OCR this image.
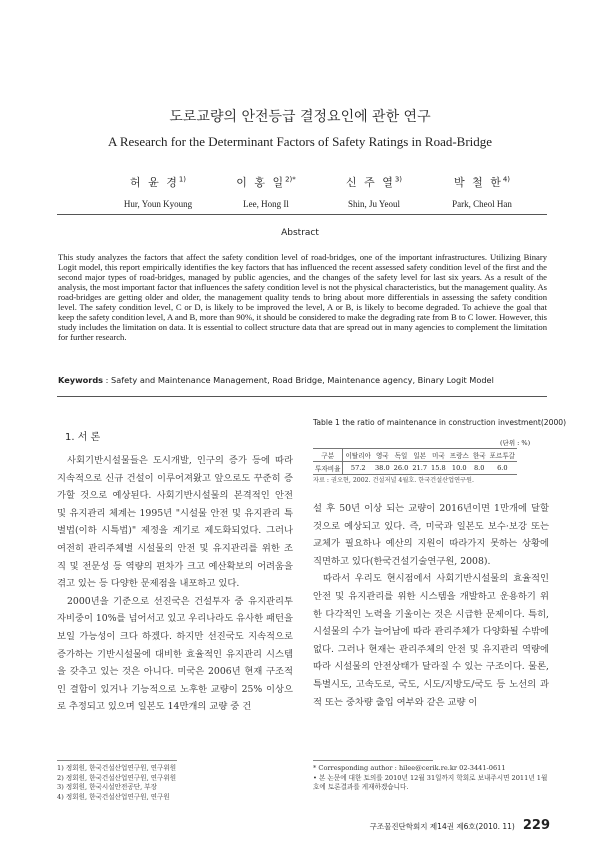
도로교량의 안전등급 결정요인에 관한 연구
A Research for the Determinant Factors of Safety Ratings in Road-Bridge
허 윤 경$^{1)}$
Hur, Youn Kyoung
이 홍 일$^{2)*}$
Lee, Hong Il
신 주 열$^{3)}$
Shin, Ju Yeoul
박 철 한$^{4)}$
Park, Cheol Han
Abstract
This study analyzes the factors that affect the safety condition level of road-bridges, one of the important infrastructures. Utilizing Binary Logit model, this report empirically identifies the key factors that has influenced the recent assessed safety condition level of the first and the second major types of road-bridges, managed by public agencies, and the changes of the safety level for last six years. As a result of the analysis, the most important factor that influences the safety condition level is not the physical characteristics, but the management quality. As road-bridges are getting older and older, the management quality tends to bring about more differentials in assessing the safety condition level. The safety condition level, C or D, is likely to be improved the level, A or B, is likely to become degraded. To achieve the goal that keep the safety condition level, A and B, more than 90%, it should be considered to make the degrading rate from B to C lower. However, this study includes the limitation on data. It is essential to collect structure data that are spread out in many agencies to complement the limitation for further research.
Keywords : Safety and Maintenance Management, Road Bridge, Maintenance agency, Binary Logit Model
1. 서 론

사회기반시설물들은 도시개발, 인구의 증가 등에 따라 지속적으로 신규 건설이 이루어져왔고 앞으로도 꾸준히 증가할 것으로 예상된다. 사회기반시설물의 본격적인 안전 및 유지관리 체계는 1995년 "시설물 안전 및 유지관리 특별법(이하 시특법)" 제정을 계기로 제도화되었다. 그러나 여전히 관리주체별 시설물의 안전 및 유지관리를 위한 조직 및 전문성 등 역량의 편차가 크고 예산확보의 어려움을 겪고 있는 등 다양한 문제점을 내포하고 있다.

2000년을 기준으로 선진국은 건설투자 중 유지관리투자비중이 10%를 넘어서고 있고 우리나라도 유사한 패턴을 보일 가능성이 크다 하겠다. 하지만 선진국도 지속적으로 증가하는 기반시설물에 대비한 효율적인 유지관리 시스템을 갖추고 있는 것은 아니다. 미국은 2006년 현재 구조적인 결함이 있거나 기능적으로 노후한 교량이 25% 이상으로 추정되고 있으며 일본도 14만개의 교량 중 건

Table 1 the ratio of maintenance in construction investment(2000)
(단위 : %)
구분	이탈리아	영국	독일	일본	미국	프랑스	한국	포르투갈
투자비율	57.2	38.0	26.0	21.7	15.8	10.0	8.0	6.0
자료 : 권오현, 2002. 건설저널 4월호. 한국건설산업연구원.

설 후 50년 이상 되는 교량이 2016년이면 1만개에 달할 것으로 예상되고 있다. 즉, 미국과 일본도 보수·보강 또는 교체가 필요하나 예산의 지원이 따라가지 못하는 상황에 직면하고 있다(한국건설기술연구원, 2008).

따라서 우리도 현시점에서 사회기반시설물의 효율적인 안전 및 유지관리를 위한 시스템을 개발하고 운용하기 위한 다각적인 노력을 기울이는 것은 시급한 문제이다. 특히, 시설물의 수가 늘어남에 따라 관리주체가 다양화될 수밖에 없다. 그러나 현재는 관리주체의 안전 및 유지관리 역량에 따라 시설물의 안전상태가 달라질 수 있는 구조이다. 물론, 특별시도, 고속도로, 국도, 시도/지방도/국도 등 노선의 과적 또는 중차량 출입 여부와 같은 교량 이

1) 정회원, 한국건설산업연구원, 연구위원
2) 정회원, 한국건설산업연구원, 연구위원
3) 정회원, 한국시설안전공단, 부장
4) 정회원, 한국건설산업연구원, 연구원
* Corresponding author : hilee@cerik.re.kr 02-3441-0611
• 본 논문에 대한 토의를 2010년 12월 31일까지 학회로 보내주시면 2011년 1월호에 토론결과를 게재하겠습니다.
구조물진단학회지 제14권 제6호(2010. 11) 229
